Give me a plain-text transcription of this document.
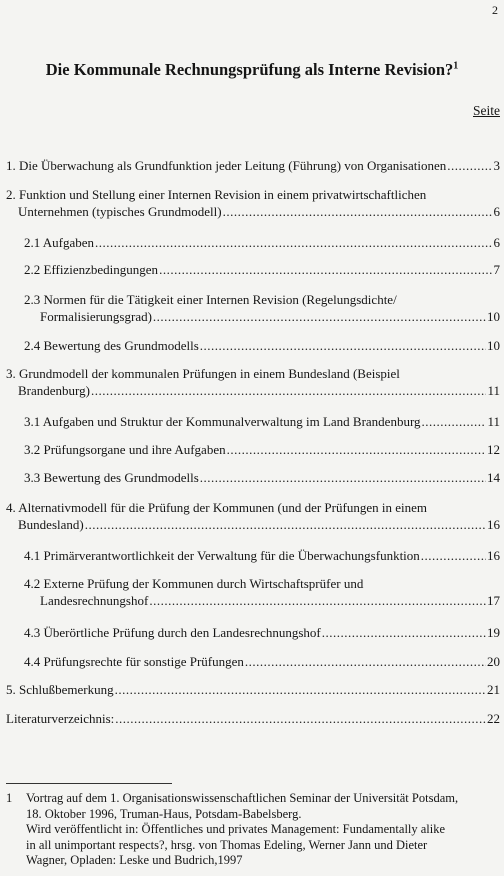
2
Die Kommunale Rechnungsprüfung als Interne Revision?$^1$
Seite
1. Die Überwachung als Grundfunktion jeder Leitung (Führung) von Organisationen .....	3
2. Funktion und Stellung einer Internen Revision in einem privatwirtschaftlichen
Unternehmen (typisches Grundmodell) .....	6
2.1 Aufgaben .....	6
2.2 Effizienzbedingungen .....	7
2.3 Normen für die Tätigkeit einer Internen Revision (Regelungsdichte/
Formalisierungsgrad) .....	10
2.4 Bewertung des Grundmodells .....	10
3. Grundmodell der kommunalen Prüfungen in einem Bundesland (Beispiel
Brandenburg) .....	11
3.1 Aufgaben und Struktur der Kommunalverwaltung im Land Brandenburg .....	11
3.2 Prüfungsorgane und ihre Aufgaben .....	12
3.3 Bewertung des Grundmodells .....	14
4. Alternativmodell für die Prüfung der Kommunen (und der Prüfungen in einem
Bundesland) .....	16
4.1 Primärverantwortlichkeit der Verwaltung für die Überwachungsfunktion .....	16
4.2 Externe Prüfung der Kommunen durch Wirtschaftsprüfer und
Landesrechnungshof .....	17
4.3 Überörtliche Prüfung durch den Landesrechnungshof .....	19
4.4 Prüfungsrechte für sonstige Prüfungen .....	20
5. Schlußbemerkung .....	21
Literaturverzeichnis: .....	22
1 Vortrag auf dem 1. Organisationswissenschaftlichen Seminar der Universität Potsdam,
18. Oktober 1996, Truman-Haus, Potsdam-Babelsberg.
Wird veröffentlicht in: Öffentliches und privates Management: Fundamentally alike
in all unimportant respects?, hrsg. von Thomas Edeling, Werner Jann und Dieter
Wagner, Opladen: Leske und Budrich,1997
